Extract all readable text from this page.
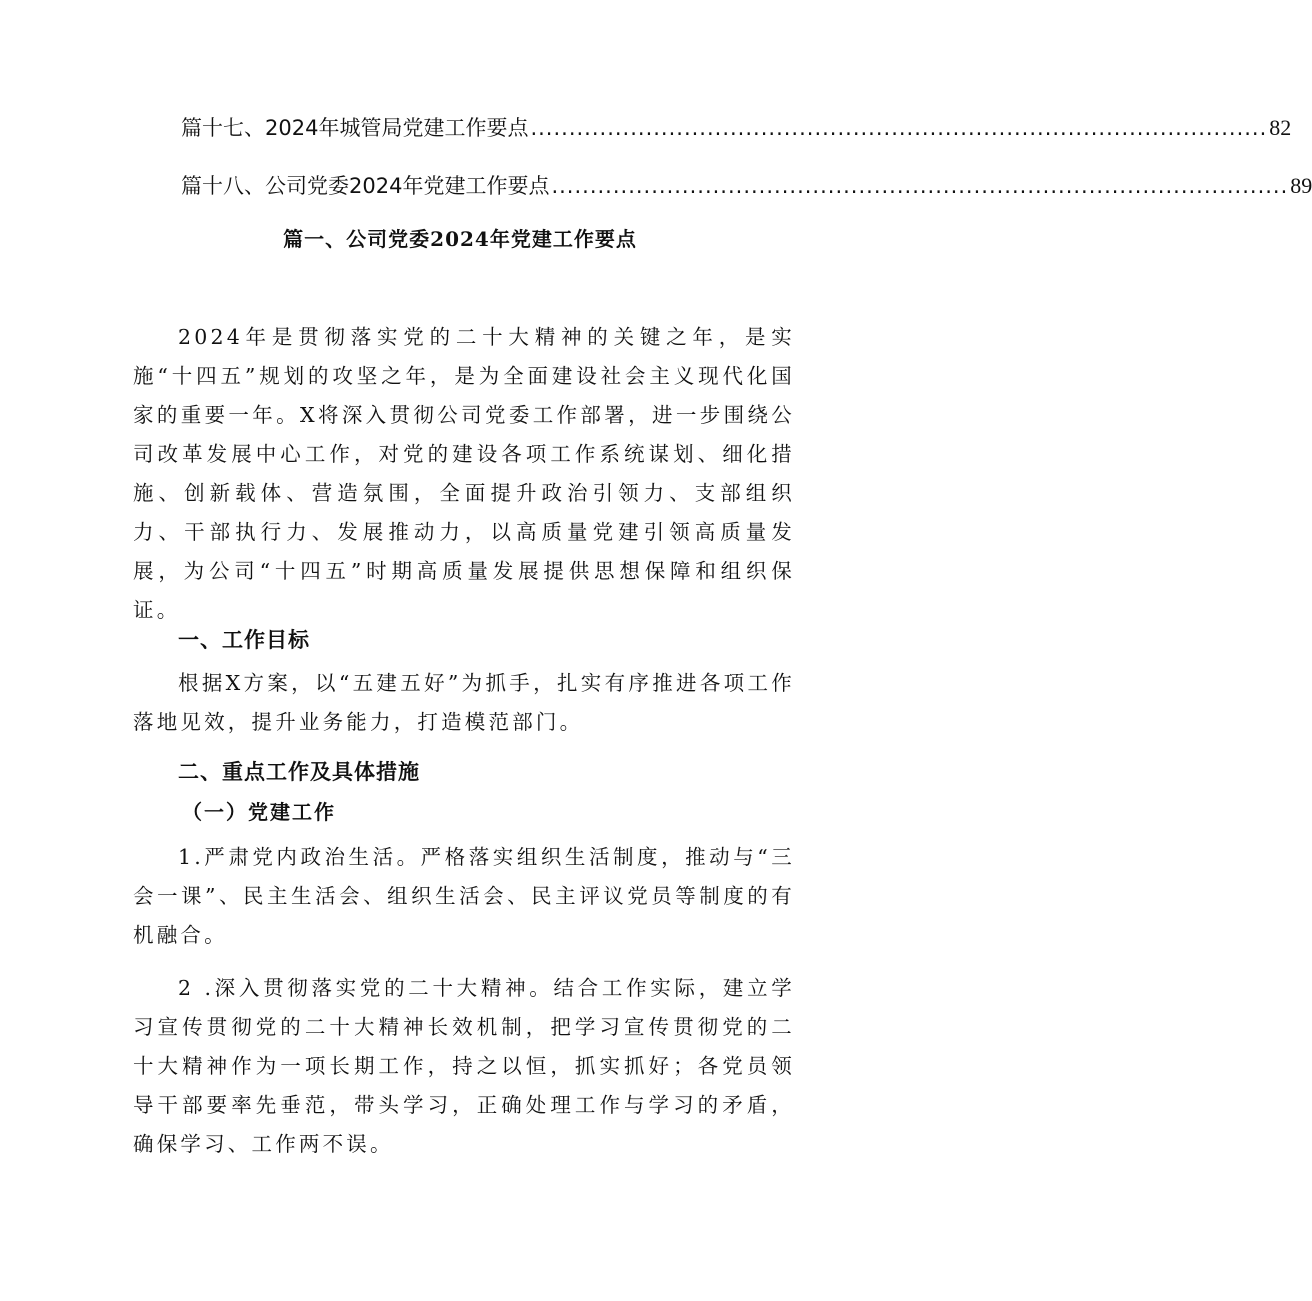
篇十七、2024年城管局党建工作要点 ................................................................................................ 82
篇十八、公司党委2024年党建工作要点 ................................................................................................ 89
篇一、公司党委2024年党建工作要点

2024年是贯彻落实党的二十大精神的关键之年，是实施“十四五”规划的攻坚之年，是为全面建设社会主义现代化国家的重要一年。X将深入贯彻公司党委工作部署，进一步围绕公司改革发展中心工作，对党的建设各项工作系统谋划、细化措施、创新载体、营造氛围，全面提升政治引领力、支部组织力、干部执行力、发展推动力，以高质量党建引领高质量发展，为公司“十四五”时期高质量发展提供思想保障和组织保证。

一、工作目标

根据X方案，以“五建五好”为抓手，扎实有序推进各项工作落地见效，提升业务能力，打造模范部门。

二、重点工作及具体措施
（一）党建工作

1.严肃党内政治生活。严格落实组织生活制度，推动与“三会一课”、民主生活会、组织生活会、民主评议党员等制度的有机融合。

2 .深入贯彻落实党的二十大精神。结合工作实际，建立学习宣传贯彻党的二十大精神长效机制，把学习宣传贯彻党的二十大精神作为一项长期工作，持之以恒，抓实抓好；各党员领导干部要率先垂范，带头学习，正确处理工作与学习的矛盾，确保学习、工作两不误。
